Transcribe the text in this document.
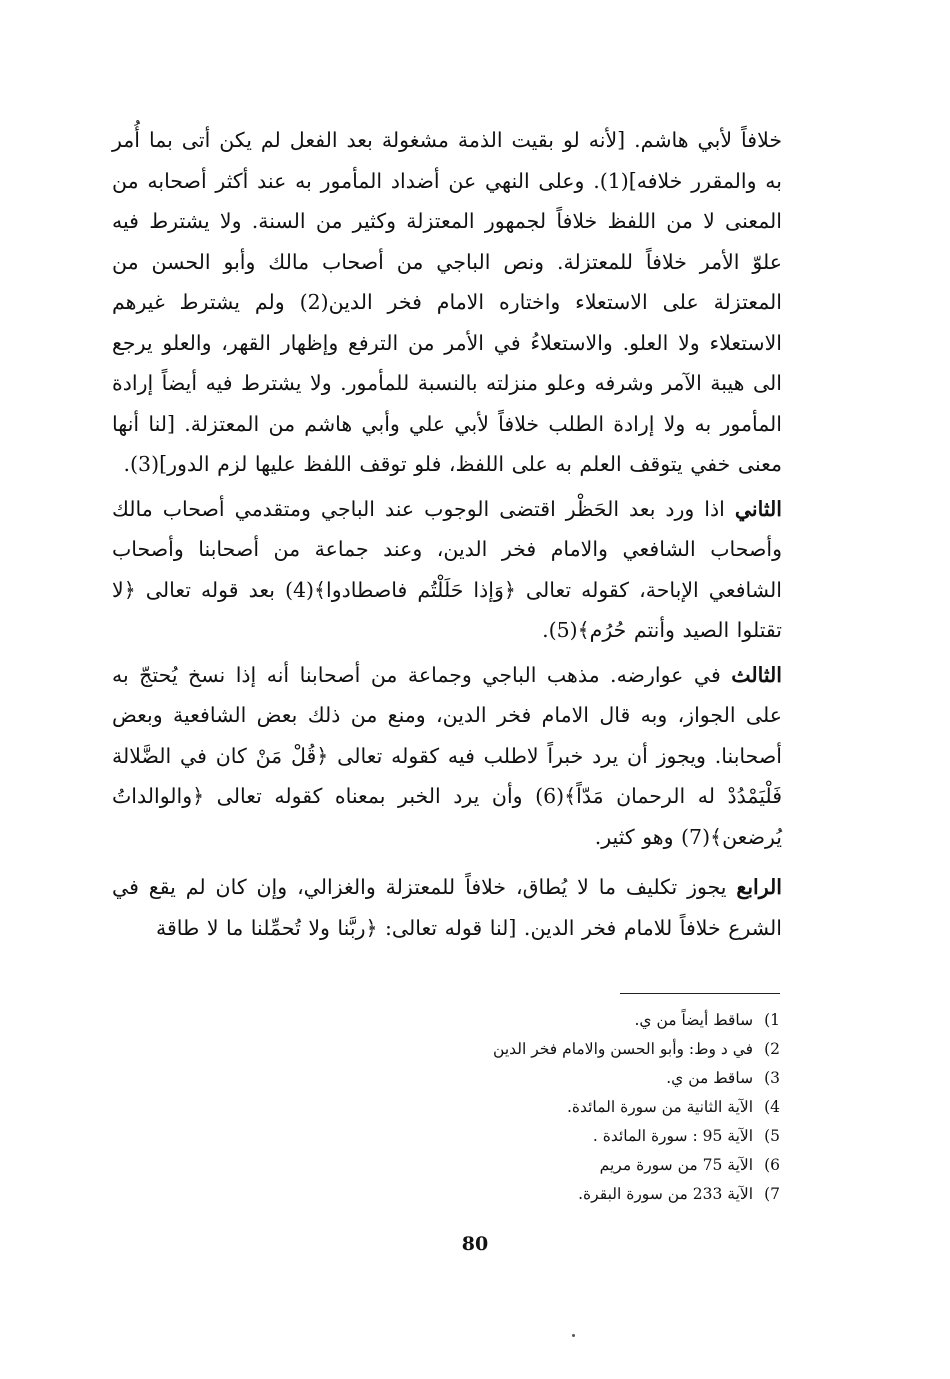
خلافاً لأبي هاشم. [لأنه لو بقيت الذمة مشغولة بعد الفعل لم يكن أتى بما أُمر به والمقرر خلافه](1). وعلى النهي عن أضداد المأمور به عند أكثر أصحابه من المعنى لا من اللفظ خلافاً لجمهور المعتزلة وكثير من السنة. ولا يشترط فيه علوّ الأمر خلافاً للمعتزلة. ونص الباجي من أصحاب مالك وأبو الحسن من المعتزلة على الاستعلاء واختاره الامام فخر الدين(2) ولم يشترط غيرهم الاستعلاء ولا العلو. والاستعلاءُ في الأمر من الترفع وإظهار القهر، والعلو يرجع الى هيبة الآمر وشرفه وعلو منزلته بالنسبة للمأمور. ولا يشترط فيه أيضاً إرادة المأمور به ولا إرادة الطلب خلافاً لأبي علي وأبي هاشم من المعتزلة. [لنا أنها معنى خفي يتوقف العلم به على اللفظ، فلو توقف اللفظ عليها لزم الدور](3).

الثاني اذا ورد بعد الحَظْر اقتضى الوجوب عند الباجي ومتقدمي أصحاب مالك وأصحاب الشافعي والامام فخر الدين، وعند جماعة من أصحابنا وأصحاب الشافعي الإباحة، كقوله تعالى ﴿وَإذا حَلَلْتُم فاصطادوا﴾(4) بعد قوله تعالى ﴿لا تقتلوا الصيد وأنتم حُرُم﴾(5).

الثالث في عوارضه. مذهب الباجي وجماعة من أصحابنا أنه إذا نسخ يُحتجّ به على الجواز، وبه قال الامام فخر الدين، ومنع من ذلك بعض الشافعية وبعض أصحابنا. ويجوز أن يرد خبراً لاطلب فيه كقوله تعالى ﴿قُلْ مَنْ كان في الضَّلالة فَلْيَمْدُدْ له الرحمان مَدّاً﴾(6) وأن يرد الخبر بمعناه كقوله تعالى ﴿والوالداتُ يُرضعن﴾(7) وهو كثير.

الرابع يجوز تكليف ما لا يُطاق، خلافاً للمعتزلة والغزالي، وإن كان لم يقع في الشرع خلافاً للامام فخر الدين. [لنا قوله تعالى: ﴿ربَّنا ولا تُحمِّلنا ما لا طاقة

1) ساقط أيضاً من ي.
2) في د وط: وأبو الحسن والامام فخر الدين
3) ساقط من ي.
4) الآية الثانية من سورة المائدة.
5) الآية 95 : سورة المائدة .
6) الآية 75 من سورة مريم
7) الآية 233 من سورة البقرة.
80
